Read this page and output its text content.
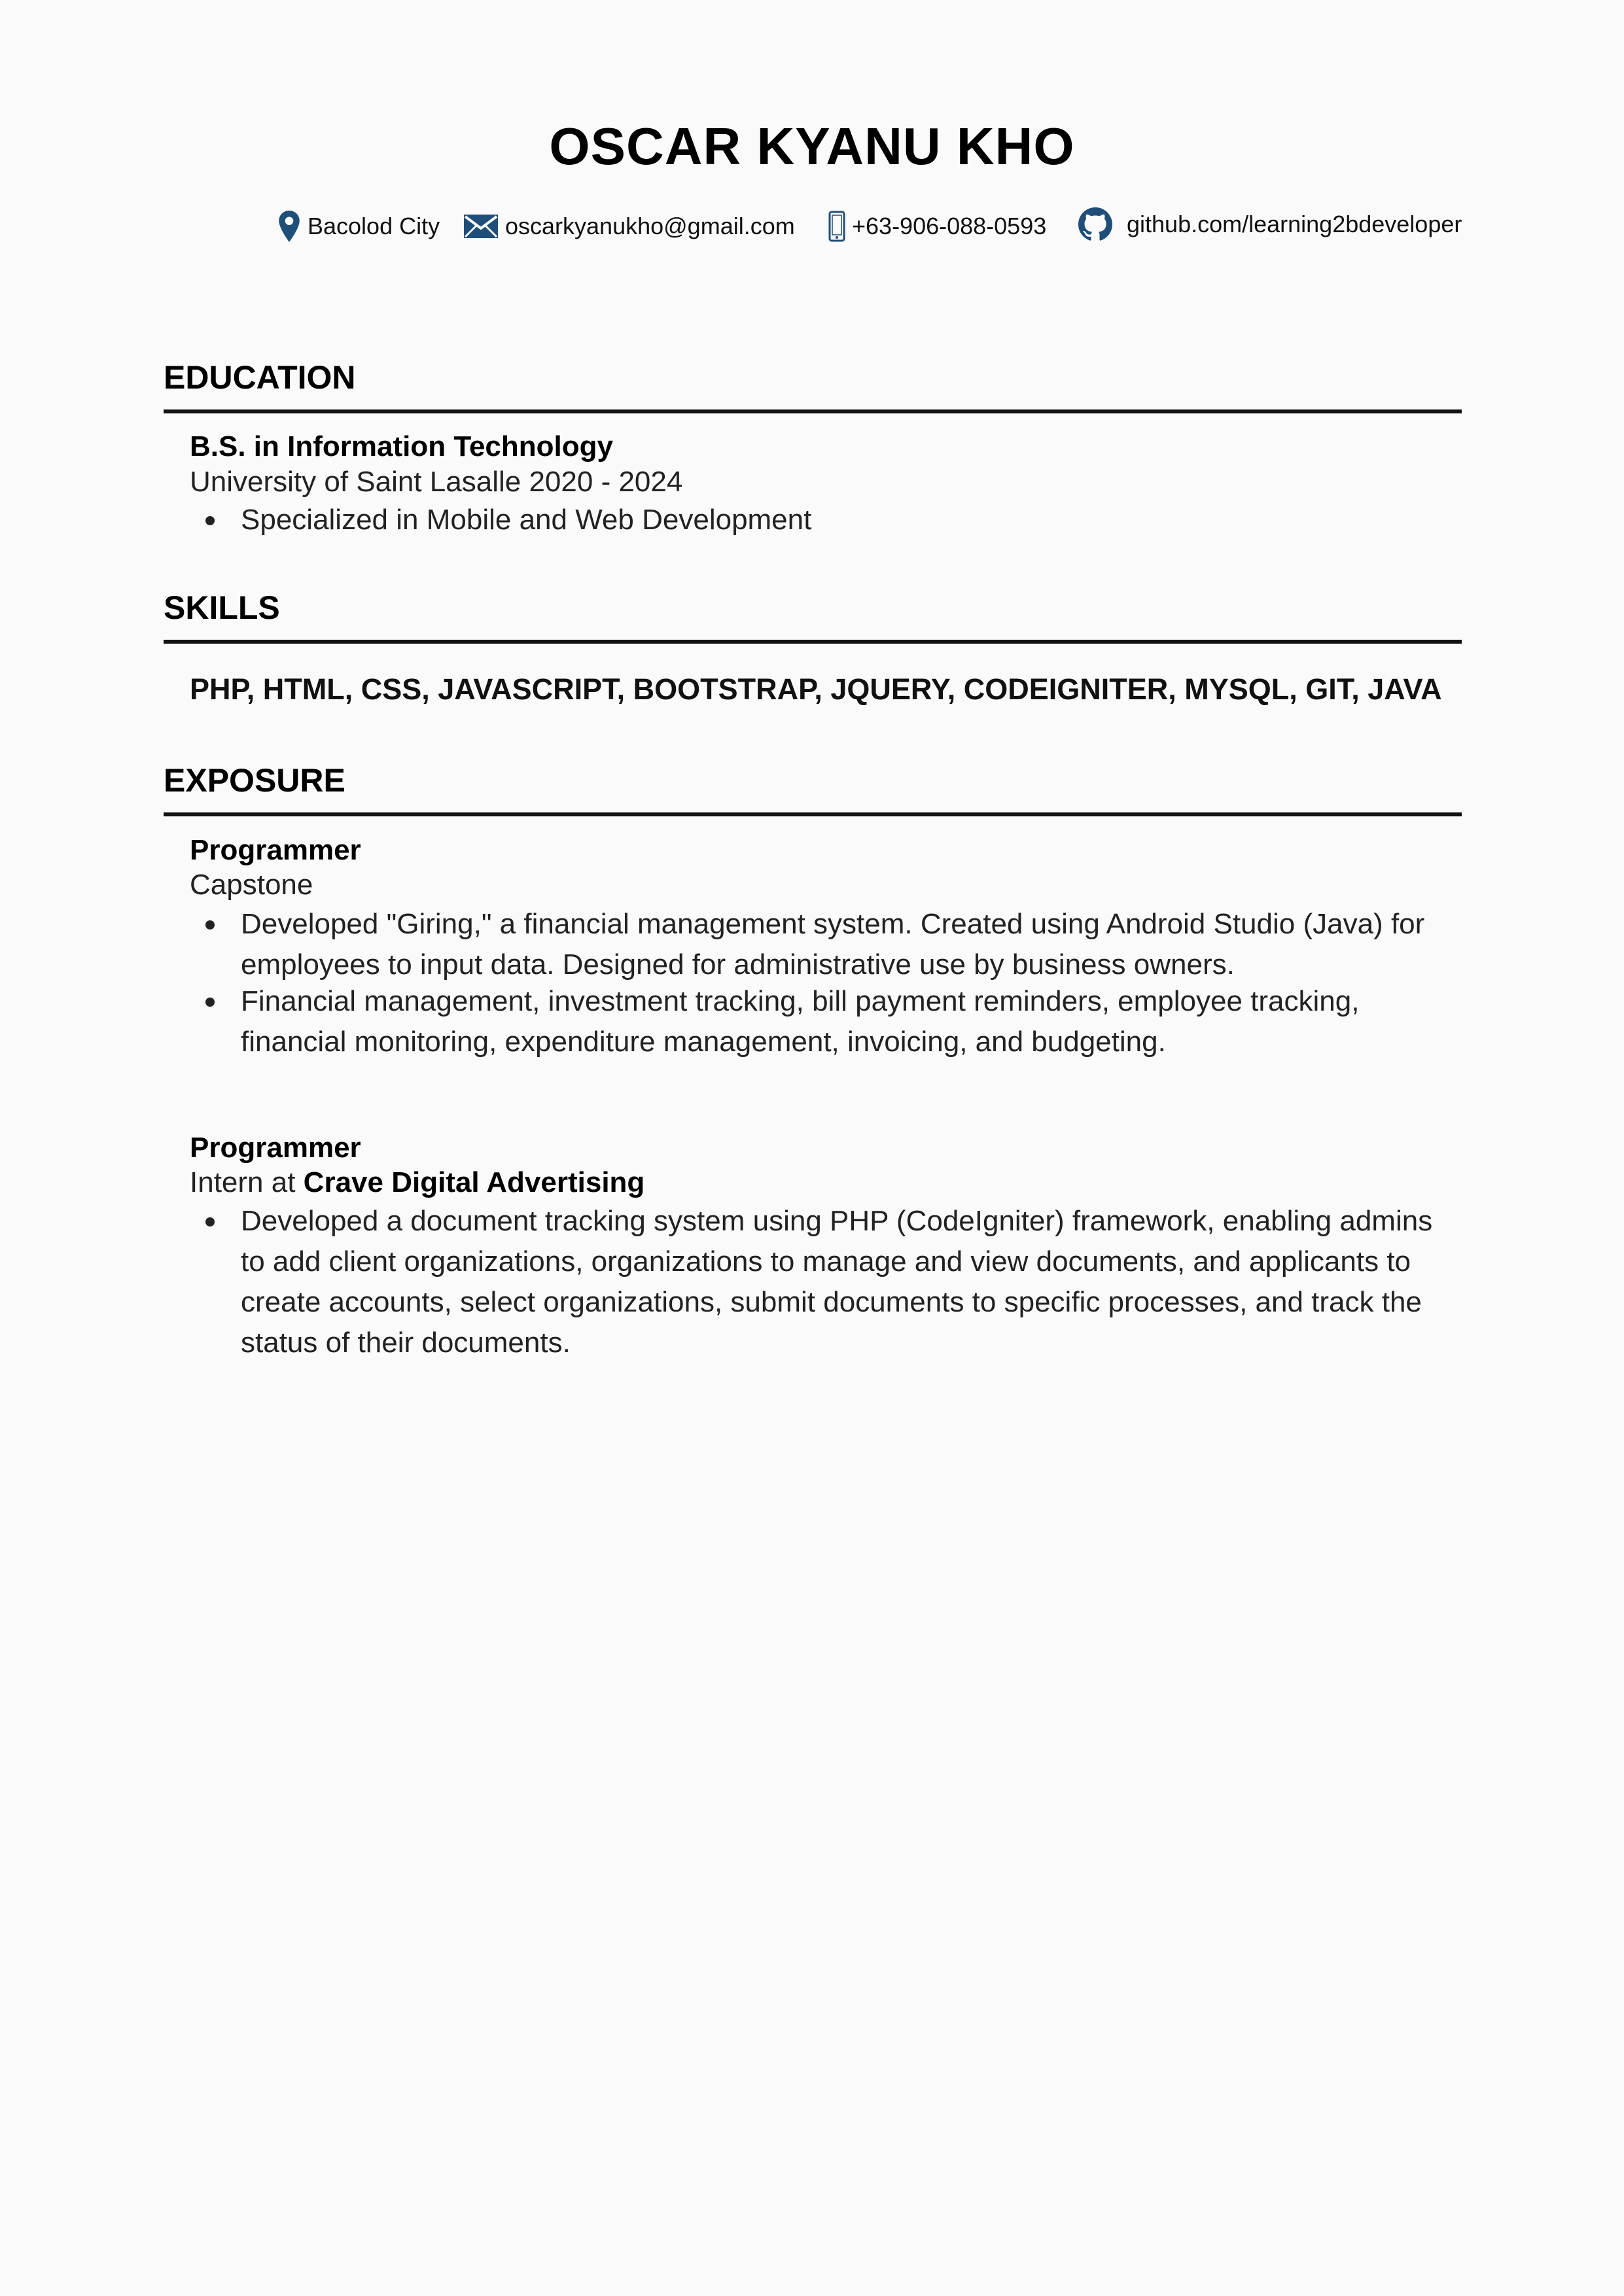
OSCAR KYANU KHO
Bacolod City	oscarkyanukho@gmail.com +63-906-088-0593	github.com/learning2bdeveloper
EDUCATION
B.S. in Information Technology
University of Saint Lasalle 2020 - 2024
Specialized in Mobile and Web Development
SKILLS
PHP, HTML, CSS, JAVASCRIPT, BOOTSTRAP, JQUERY, CODEIGNITER, MYSQL, GIT, JAVA
EXPOSURE
Programmer
Capstone
Developed "Giring," a financial management system. Created using Android Studio (Java) for employees to input data. Designed for administrative use by business owners.
Financial management, investment tracking, bill payment reminders, employee tracking, financial monitoring, expenditure management, invoicing, and budgeting.
Programmer
Intern at Crave Digital Advertising
Developed a document tracking system using PHP (CodeIgniter) framework, enabling admins to add client organizations, organizations to manage and view documents, and applicants to create accounts, select organizations, submit documents to specific processes, and track the status of their documents.
